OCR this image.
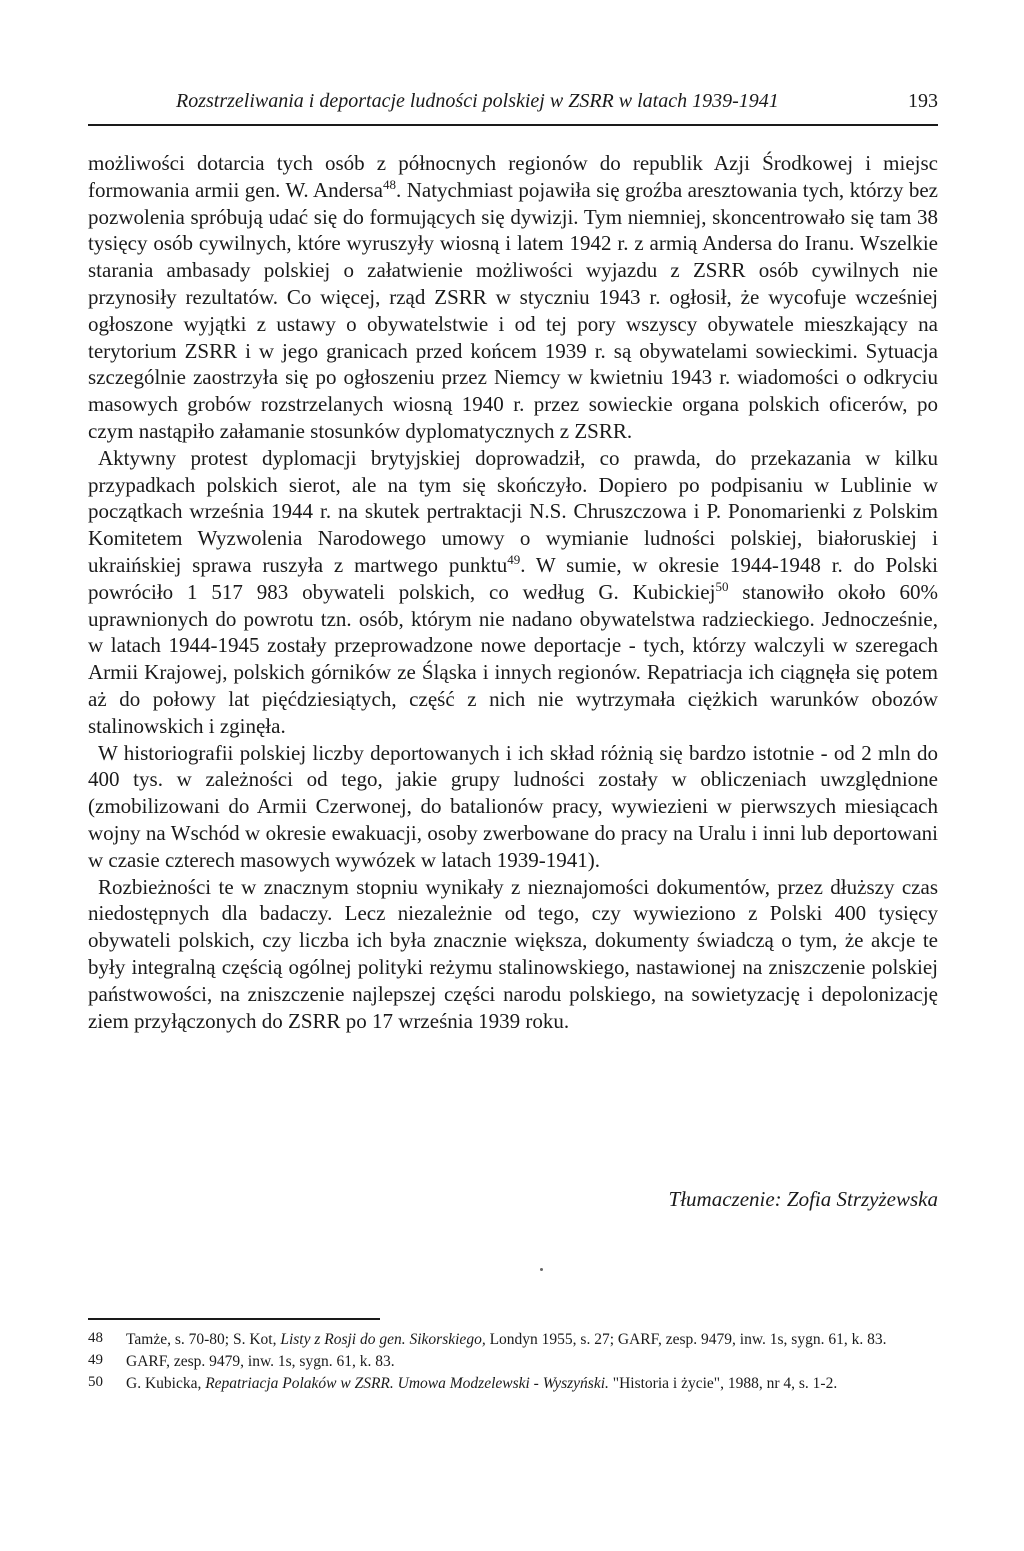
Rozstrzeliwania i deportacje ludności polskiej w ZSRR w latach 1939-1941	193

możliwości dotarcia tych osób z północnych regionów do republik Azji Środkowej i miejsc formowania armii gen. W. Andersa$^{48}$. Natychmiast pojawiła się groźba aresztowania tych, którzy bez pozwolenia spróbują udać się do formujących się dywizji. Tym niemniej, skoncentrowało się tam 38 tysięcy osób cywilnych, które wyruszyły wiosną i latem 1942 r. z armią Andersa do Iranu. Wszelkie starania ambasady polskiej o załatwienie możliwości wyjazdu z ZSRR osób cywilnych nie przynosiły rezultatów. Co więcej, rząd ZSRR w styczniu 1943 r. ogłosił, że wycofuje wcześniej ogłoszone wyjątki z ustawy o obywatelstwie i od tej pory wszyscy obywatele mieszkający na terytorium ZSRR i w jego granicach przed końcem 1939 r. są obywatelami sowieckimi. Sytuacja szczególnie zaostrzyła się po ogłoszeniu przez Niemcy w kwietniu 1943 r. wiadomości o odkryciu masowych grobów rozstrzelanych wiosną 1940 r. przez sowieckie organa polskich oficerów, po czym nastąpiło załamanie stosunków dyplomatycznych z ZSRR.

Aktywny protest dyplomacji brytyjskiej doprowadził, co prawda, do przekazania w kilku przypadkach polskich sierot, ale na tym się skończyło. Dopiero po podpisaniu w Lublinie w początkach września 1944 r. na skutek pertraktacji N.S. Chruszczowa i P. Ponomarienki z Polskim Komitetem Wyzwolenia Narodowego umowy o wymianie ludności polskiej, białoruskiej i ukraińskiej sprawa ruszyła z martwego punktu$^{49}$. W sumie, w okresie 1944-1948 r. do Polski powróciło 1 517 983 obywateli polskich, co według G. Kubickiej$^{50}$ stanowiło około 60% uprawnionych do powrotu tzn. osób, którym nie nadano obywatelstwa radzieckiego. Jednocześnie, w latach 1944-1945 zostały przeprowadzone nowe deportacje - tych, którzy walczyli w szeregach Armii Krajowej, polskich górników ze Śląska i innych regionów. Repatriacja ich ciągnęła się potem aż do połowy lat pięćdziesiątych, część z nich nie wytrzymała ciężkich warunków obozów stalinowskich i zginęła.

W historiografii polskiej liczby deportowanych i ich skład różnią się bardzo istotnie - od 2 mln do 400 tys. w zależności od tego, jakie grupy ludności zostały w obliczeniach uwzględnione (zmobilizowani do Armii Czerwonej, do batalionów pracy, wywiezieni w pierwszych miesiącach wojny na Wschód w okresie ewakuacji, osoby zwerbowane do pracy na Uralu i inni lub deportowani w czasie czterech masowych wywózek w latach 1939-1941).

Rozbieżności te w znacznym stopniu wynikały z nieznajomości dokumentów, przez dłuższy czas niedostępnych dla badaczy. Lecz niezależnie od tego, czy wywieziono z Polski 400 tysięcy obywateli polskich, czy liczba ich była znacznie większa, dokumenty świadczą o tym, że akcje te były integralną częścią ogólnej polityki reżymu stalinowskiego, nastawionej na zniszczenie polskiej państwowości, na zniszczenie najlepszej części narodu polskiego, na sowietyzację i depolonizację ziem przyłączonych do ZSRR po 17 września 1939 roku.

Tłumaczenie: Zofia Strzyżewska
48 Tamże, s. 70-80; S. Kot, Listy z Rosji do gen. Sikorskiego, Londyn 1955, s. 27; GARF, zesp. 9479, inw. 1s, sygn. 61, k. 83.
49 GARF, zesp. 9479, inw. 1s, sygn. 61, k. 83.
50 G. Kubicka, Repatriacja Polaków w ZSRR. Umowa Modzelewski - Wyszyński. "Historia i życie", 1988, nr 4, s. 1-2.
